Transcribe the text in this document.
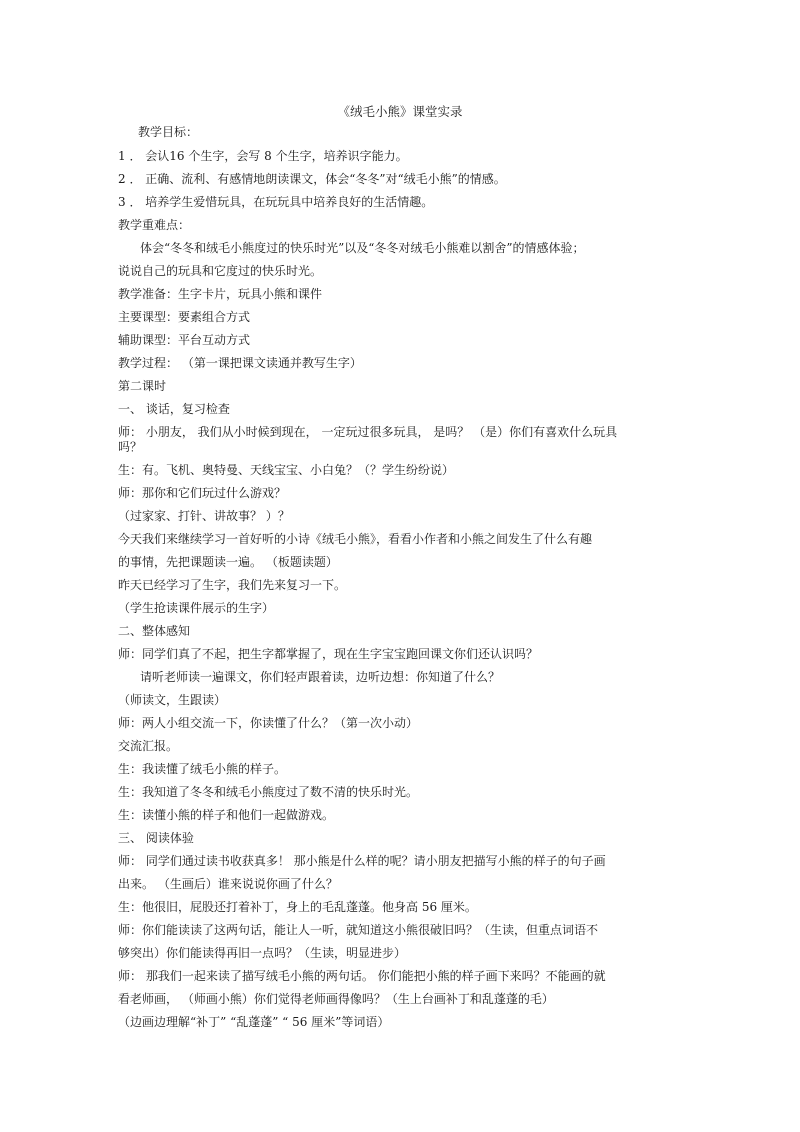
《绒毛小熊》课堂实录
教学目标：
1 ． 会认16 个生字，会写 8 个生字，培养识字能力。
2 ． 正确、流利、有感情地朗读课文，体会“冬冬”对“绒毛小熊”的情感。
3 ． 培养学生爱惜玩具，在玩玩具中培养良好的生活情趣。
教学重难点：
体会“冬冬和绒毛小熊度过的快乐时光”以及“冬冬对绒毛小熊难以割舍”的情感体验；
说说自己的玩具和它度过的快乐时光。
教学准备：生字卡片，玩具小熊和课件
主要课型：要素组合方式
辅助课型：平台互动方式
教学过程： （第一课把课文读通并教写生字）
第二课时
一、 谈话，复习检查
师： 小朋友， 我们从小时候到现在， 一定玩过很多玩具， 是吗？ （是）你们有喜欢什么玩具
吗？
生：有。飞机、奥特曼、天线宝宝、小白兔？（？学生纷纷说）
师：那你和它们玩过什么游戏？
（过家家、打针、讲故事？ ）？
今天我们来继续学习一首好听的小诗《绒毛小熊》，看看小作者和小熊之间发生了什么有趣
的事情，先把课题读一遍。 （板题读题）
昨天已经学习了生字，我们先来复习一下。
（学生抢读课件展示的生字）
二、整体感知
师：同学们真了不起，把生字都掌握了，现在生字宝宝跑回课文你们还认识吗？
请听老师读一遍课文，你们轻声跟着读，边听边想：你知道了什么？
（师读文，生跟读）
师：两人小组交流一下，你读懂了什么？（第一次小动）
交流汇报。
生：我读懂了绒毛小熊的样子。
生：我知道了冬冬和绒毛小熊度过了数不清的快乐时光。
生：读懂小熊的样子和他们一起做游戏。
三、 阅读体验
师： 同学们通过读书收获真多！ 那小熊是什么样的呢？请小朋友把描写小熊的样子的句子画
出来。 （生画后）谁来说说你画了什么？
生：他很旧，屁股还打着补丁，身上的毛乱蓬蓬。他身高 56 厘米。
师：你们能读读了这两句话，能让人一听，就知道这小熊很破旧吗？（生读，但重点词语不
够突出）你们能读得再旧一点吗？（生读，明显进步）
师： 那我们一起来读了描写绒毛小熊的两句话。 你们能把小熊的样子画下来吗？不能画的就
看老师画， （师画小熊）你们觉得老师画得像吗？（生上台画补丁和乱蓬蓬的毛）
（边画边理解“补丁” “乱蓬蓬” “ 56 厘米”等词语）
